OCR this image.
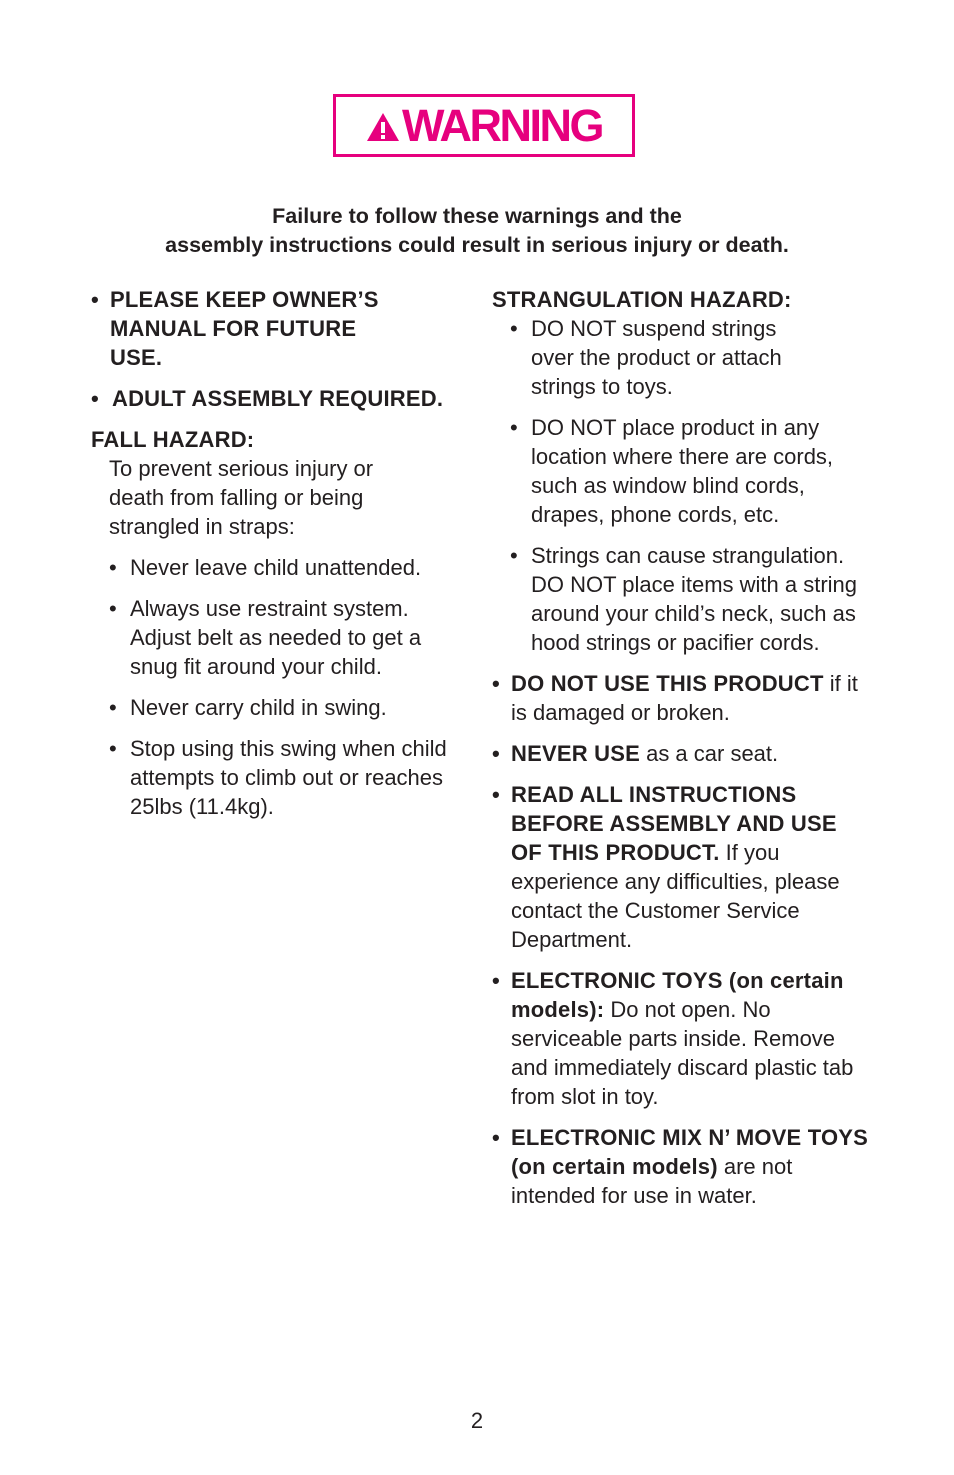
WARNING
Failure to follow these warnings and the
assembly instructions could result in serious injury or death.
• PLEASE KEEP OWNER’S MANUAL FOR FUTURE USE.
• ADULT ASSEMBLY REQUIRED.
FALL HAZARD:
To prevent serious injury or death from falling or being strangled in straps:
• Never leave child unattended.
• Always use restraint system. Adjust belt as needed to get a snug fit around your child.
• Never carry child in swing.
• Stop using this swing when child attempts to climb out or reaches 25lbs (11.4kg).
STRANGULATION HAZARD:
• DO NOT suspend strings over the product or attach strings to toys.
• DO NOT place product in any location where there are cords, such as window blind cords, drapes, phone cords, etc.
• Strings can cause strangulation. DO NOT place items with a string around your child’s neck, such as hood strings or pacifier cords.
• DO NOT USE THIS PRODUCT if it is damaged or broken.
• NEVER USE as a car seat.
• READ ALL INSTRUCTIONS BEFORE ASSEMBLY AND USE OF THIS PRODUCT. If you experience any difficulties, please contact the Customer Service Department.
• ELECTRONIC TOYS (on certain models): Do not open. No serviceable parts inside. Remove and immediately discard plastic tab from slot in toy.
• ELECTRONIC MIX N’ MOVE TOYS (on certain models) are not intended for use in water.
2
